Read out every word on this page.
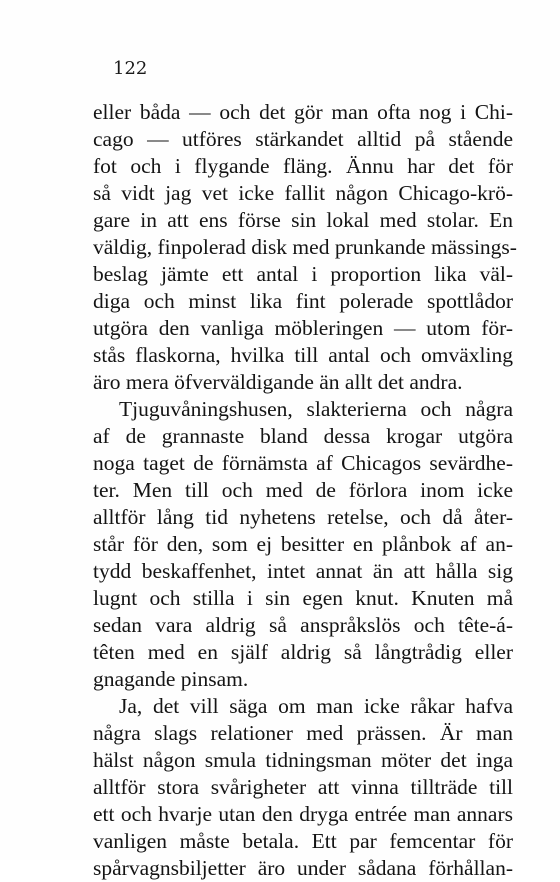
122
eller båda — och det gör man ofta nog i Chi-
cago — utföres stärkandet alltid på stående
fot och i flygande fläng. Ännu har det för
så vidt jag vet icke fallit någon Chicago-krö-
gare in att ens förse sin lokal med stolar. En
väldig, finpolerad disk med prunkande mässings-
beslag jämte ett antal i proportion lika väl-
diga och minst lika fint polerade spottlådor
utgöra den vanliga möbleringen — utom för-
stås flaskorna, hvilka till antal och omväxling
äro mera öfverväldigande än allt det andra.
Tjuguvåningshusen, slakterierna och några
af de grannaste bland dessa krogar utgöra
noga taget de förnämsta af Chicagos sevärdhe-
ter. Men till och med de förlora inom icke
alltför lång tid nyhetens retelse, och då åter-
står för den, som ej besitter en plånbok af an-
tydd beskaffenhet, intet annat än att hålla sig
lugnt och stilla i sin egen knut. Knuten må
sedan vara aldrig så anspråkslös och tête-á-
têten med en själf aldrig så långtrådig eller
gnagande pinsam.
Ja, det vill säga om man icke råkar hafva
några slags relationer med prässen. Är man
hälst någon smula tidningsman möter det inga
alltför stora svårigheter att vinna tillträde till
ett och hvarje utan den dryga entrée man annars
vanligen måste betala. Ett par femcentar för
spårvagnsbiljetter äro under sådana förhållan-
